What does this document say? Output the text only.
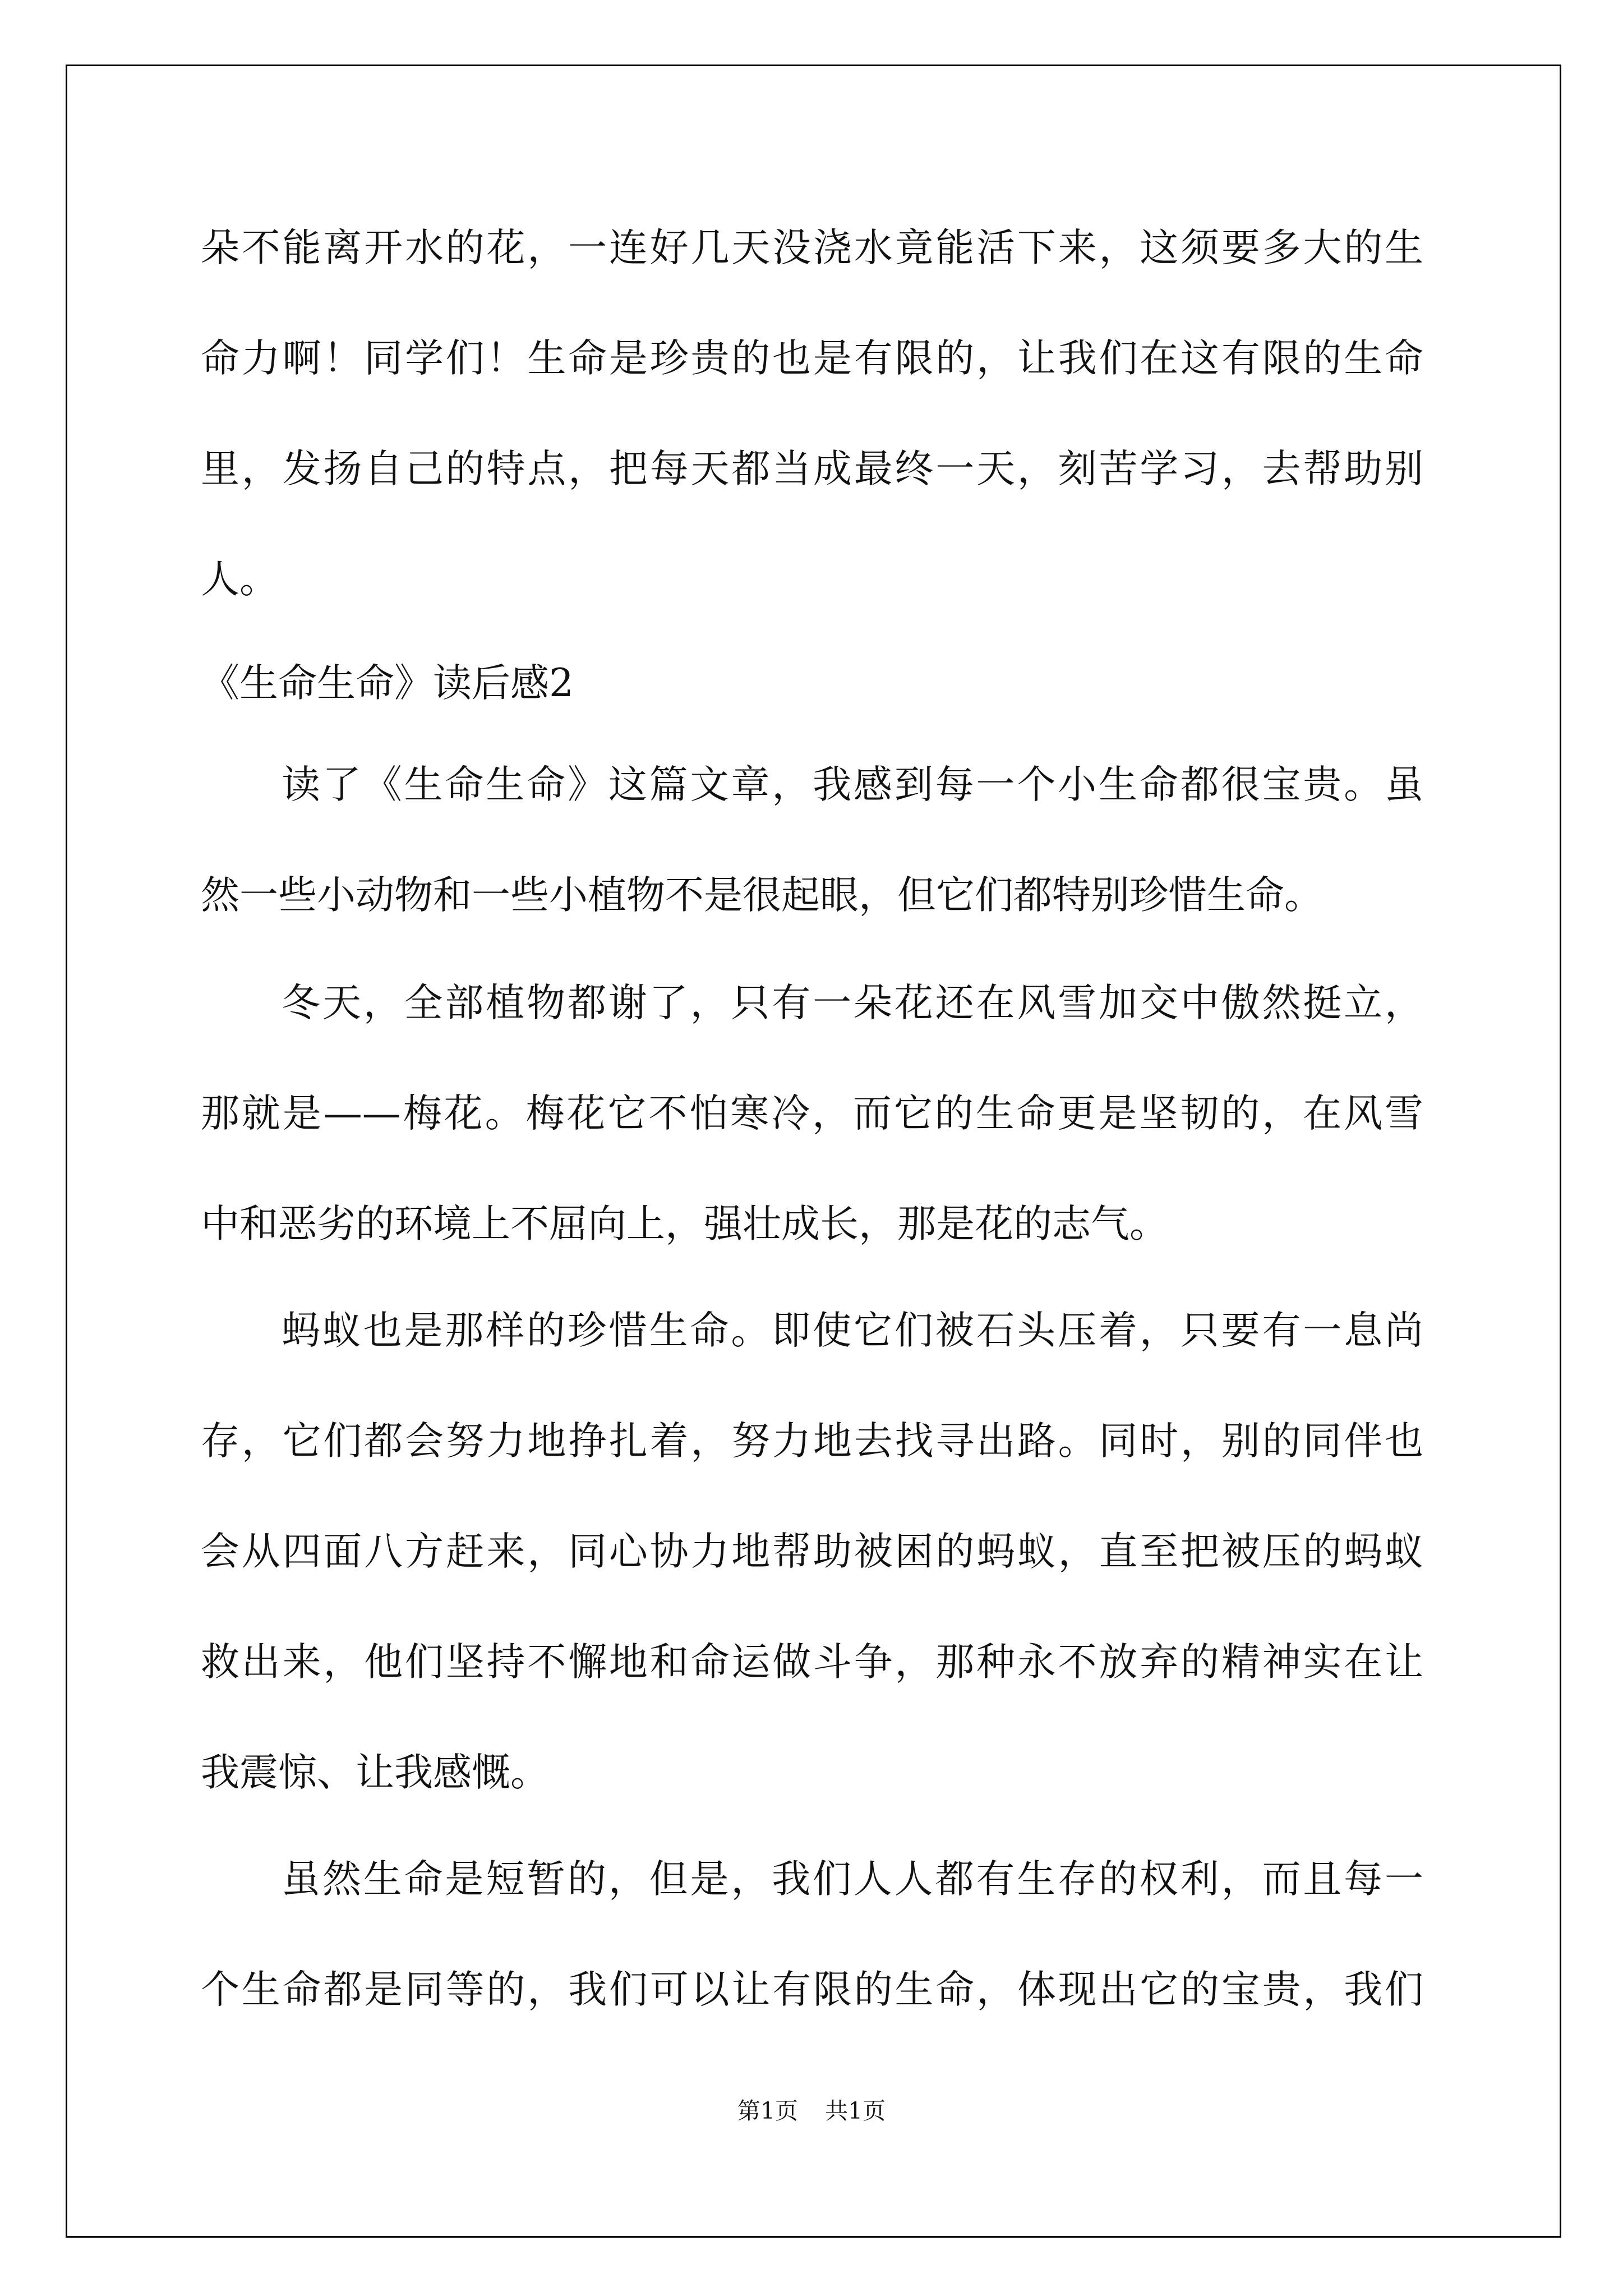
朵不能离开水的花，一连好几天没浇水竟能活下来，这须要多大的生
命力啊！同学们！生命是珍贵的也是有限的，让我们在这有限的生命
里，发扬自己的特点，把每天都当成最终一天，刻苦学习，去帮助别
人。
《生命生命》读后感2
读了《生命生命》这篇文章，我感到每一个小生命都很宝贵。虽
然一些小动物和一些小植物不是很起眼，但它们都特别珍惜生命。
冬天，全部植物都谢了，只有一朵花还在风雪加交中傲然挺立，
那就是——梅花。梅花它不怕寒冷，而它的生命更是坚韧的，在风雪
中和恶劣的环境上不屈向上，强壮成长，那是花的志气。
蚂蚁也是那样的珍惜生命。即使它们被石头压着，只要有一息尚
存，它们都会努力地挣扎着，努力地去找寻出路。同时，别的同伴也
会从四面八方赶来，同心协力地帮助被困的蚂蚁，直至把被压的蚂蚁
救出来，他们坚持不懈地和命运做斗争，那种永不放弃的精神实在让
我震惊、让我感慨。
虽然生命是短暂的，但是，我们人人都有生存的权利，而且每一
个生命都是同等的，我们可以让有限的生命，体现出它的宝贵，我们
第1页 共1页
